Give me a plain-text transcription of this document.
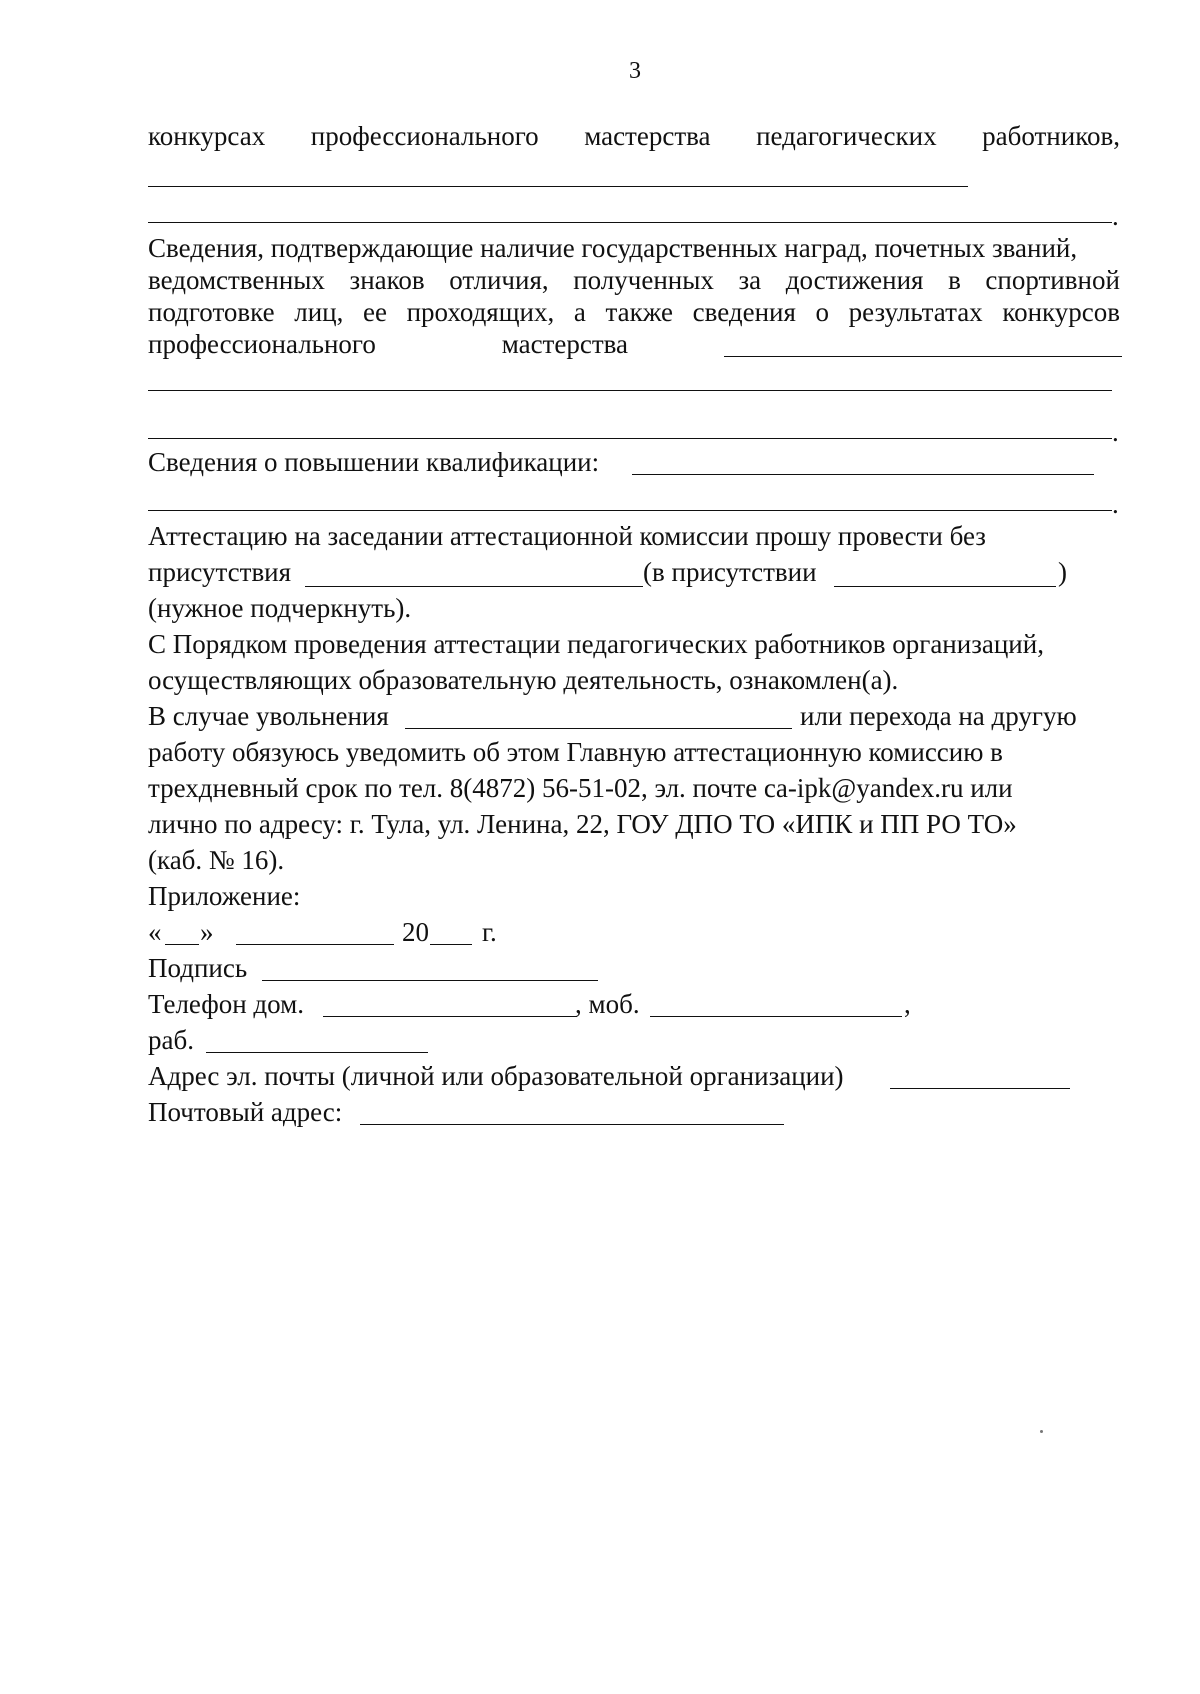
3
конкурсах профессионального мастерства педагогических работников,
.
Сведения, подтверждающие наличие государственных наград, почетных званий,
ведомственных знаков отличия, полученных за достижения в спортивной
подготовке лиц, ее проходящих, а также сведения о результатах конкурсов
профессионального	мастерства
.
Сведения о повышении квалификации:
.
Аттестацию на заседании аттестационной комиссии прошу провести без
присутствия	(в присутствии	)
(нужное подчеркнуть).
С Порядком проведения аттестации педагогических работников организаций,
осуществляющих образовательную деятельность, ознакомлен(а).
В случае увольнения	или перехода на другую
работу обязуюсь уведомить об этом Главную аттестационную комиссию в
трехдневный срок по тел. 8(4872) 56-51-02, эл. почте ca-ipk@yandex.ru или
лично по адресу: г. Тула, ул. Ленина, 22, ГОУ ДПО ТО «ИПК и ПП РО ТО»
(каб. № 16).
Приложение:
« »	20 г.
Подпись
Телефон дом.	, моб.	,
раб.
Адрес эл. почты (личной или образовательной организации)
Почтовый адрес:
